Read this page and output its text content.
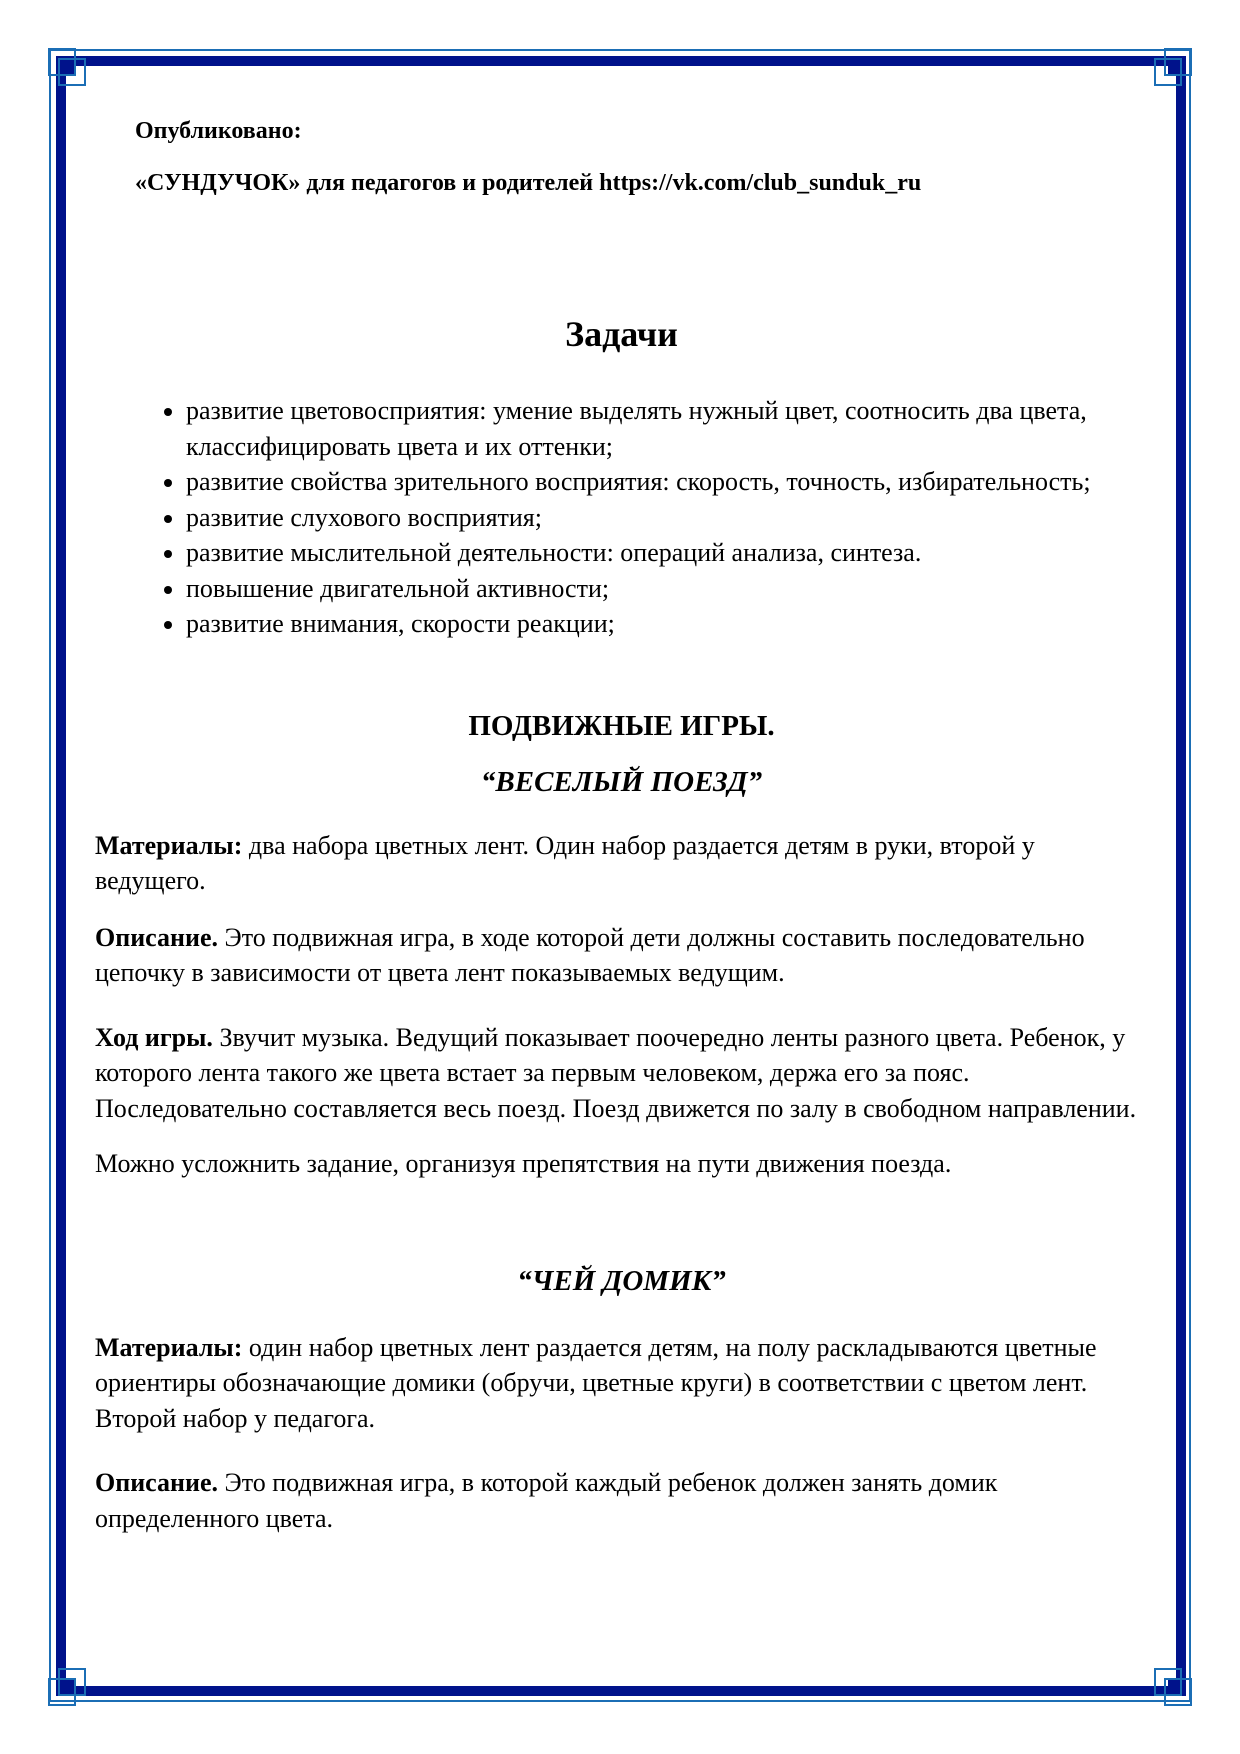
Опубликовано:

«СУНДУЧОК» для педагогов и родителей https://vk.com/club_sunduk_ru

Задачи
• развитие цветовосприятия: умение выделять нужный цвет, соотносить два цвета, классифицировать цвета и их оттенки;
• развитие свойства зрительного восприятия: скорость, точность, избирательность;
• развитие слухового восприятия;
• развитие мыслительной деятельности: операций анализа, синтеза.
• повышение двигательной активности;
• развитие внимания, скорости реакции;
ПОДВИЖНЫЕ ИГРЫ.
“ВЕСЕЛЫЙ ПОЕЗД”

Материалы: два набора цветных лент. Один набор раздается детям в руки, второй у ведущего.

Описание. Это подвижная игра, в ходе которой дети должны составить последовательно цепочку в зависимости от цвета лент показываемых ведущим.

Ход игры. Звучит музыка. Ведущий показывает поочередно ленты разного цвета. Ребенок, у которого лента такого же цвета встает за первым человеком, держа его за пояс. Последовательно составляется весь поезд. Поезд движется по залу в свободном направлении.

Можно усложнить задание, организуя препятствия на пути движения поезда.

“ЧЕЙ ДОМИК”

Материалы: один набор цветных лент раздается детям, на полу раскладываются цветные ориентиры обозначающие домики (обручи, цветные круги) в соответствии с цветом лент. Второй набор у педагога.

Описание. Это подвижная игра, в которой каждый ребенок должен занять домик определенного цвета.
